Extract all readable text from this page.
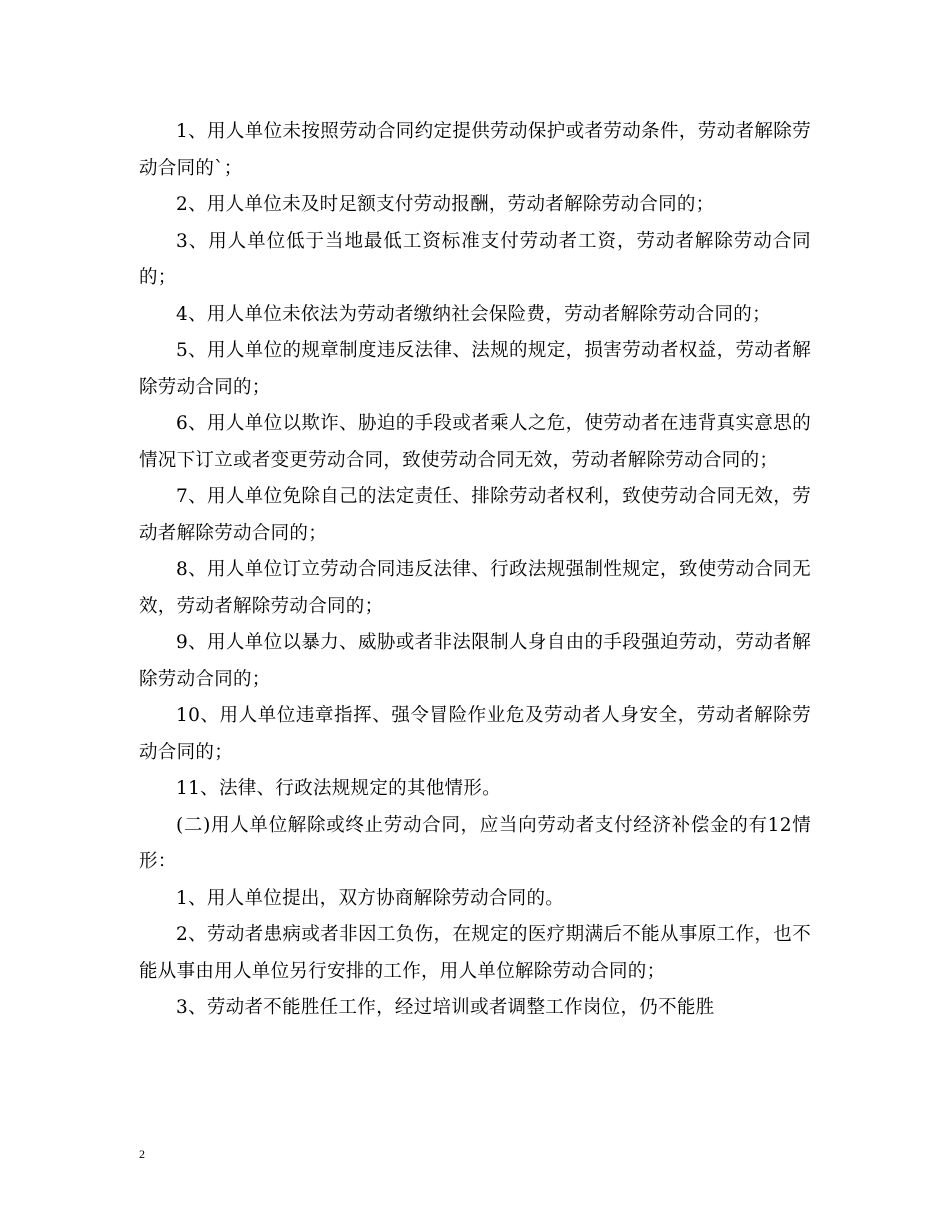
1、用人单位未按照劳动合同约定提供劳动保护或者劳动条件，劳动者解除劳动合同的`；

2、用人单位未及时足额支付劳动报酬，劳动者解除劳动合同的；

3、用人单位低于当地最低工资标准支付劳动者工资，劳动者解除劳动合同的；

4、用人单位未依法为劳动者缴纳社会保险费，劳动者解除劳动合同的；

5、用人单位的规章制度违反法律、法规的规定，损害劳动者权益，劳动者解除劳动合同的；

6、用人单位以欺诈、胁迫的手段或者乘人之危，使劳动者在违背真实意思的情况下订立或者变更劳动合同，致使劳动合同无效，劳动者解除劳动合同的；

7、用人单位免除自己的法定责任、排除劳动者权利，致使劳动合同无效，劳动者解除劳动合同的；

8、用人单位订立劳动合同违反法律、行政法规强制性规定，致使劳动合同无效，劳动者解除劳动合同的；

9、用人单位以暴力、威胁或者非法限制人身自由的手段强迫劳动，劳动者解除劳动合同的；

10、用人单位违章指挥、强令冒险作业危及劳动者人身安全，劳动者解除劳动合同的；

11、法律、行政法规规定的其他情形。

(二)用人单位解除或终止劳动合同，应当向劳动者支付经济补偿金的有12情形：

1、用人单位提出，双方协商解除劳动合同的。

2、劳动者患病或者非因工负伤，在规定的医疗期满后不能从事原工作，也不能从事由用人单位另行安排的工作，用人单位解除劳动合同的；

3、劳动者不能胜任工作，经过培训或者调整工作岗位，仍不能胜

2
